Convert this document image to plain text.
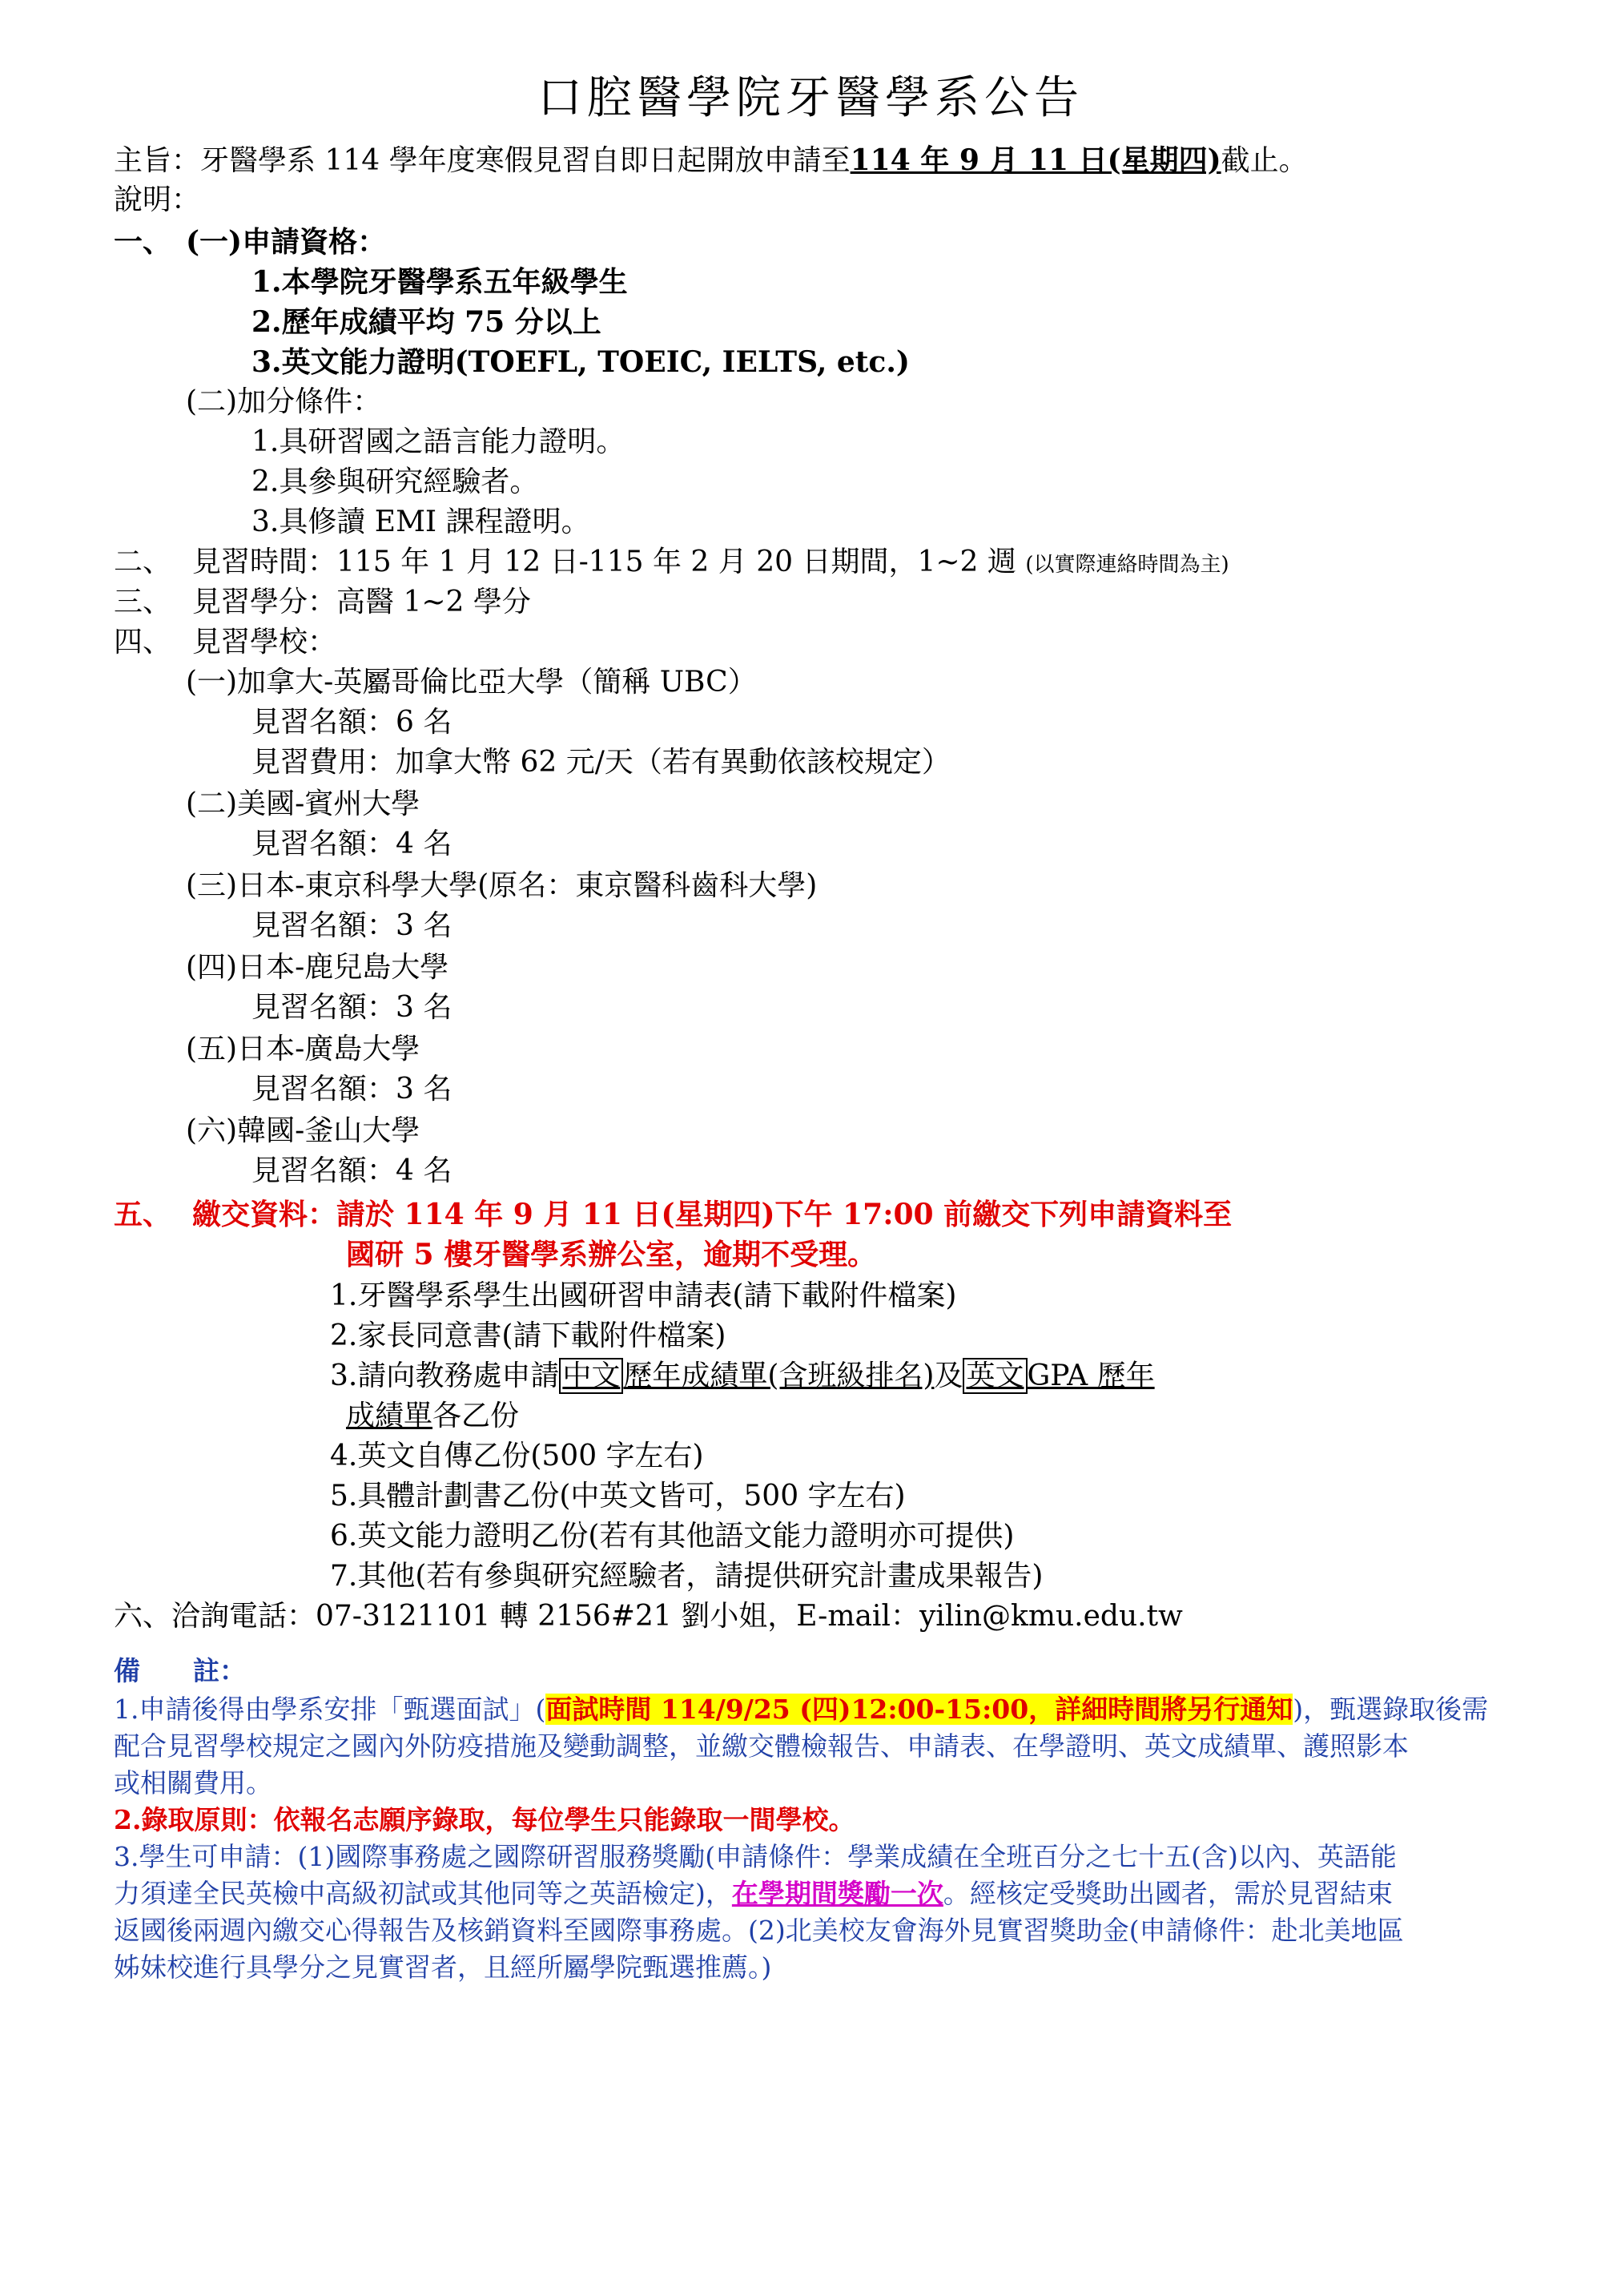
口腔醫學院牙醫學系公告
主旨：牙醫學系 114 學年度寒假見習自即日起開放申請至114 年 9 月 11 日(星期四)截止。
說明：
一、 (一)申請資格：
1.本學院牙醫學系五年級學生
2.歷年成績平均 75 分以上
3.英文能力證明(TOEFL, TOEIC, IELTS, etc.)
(二)加分條件：
1.具研習國之語言能力證明。
2.具參與研究經驗者。
3.具修讀 EMI 課程證明。
二、 見習時間：115 年 1 月 12 日-115 年 2 月 20 日期間，1~2 週 (以實際連絡時間為主)
三、 見習學分：高醫 1~2 學分
四、 見習學校：
(一)加拿大-英屬哥倫比亞大學（簡稱 UBC）
見習名額：6 名
見習費用：加拿大幣 62 元/天（若有異動依該校規定）
(二)美國-賓州大學
見習名額：4 名
(三)日本-東京科學大學(原名：東京醫科齒科大學)
見習名額：3 名
(四)日本-鹿兒島大學
見習名額：3 名
(五)日本-廣島大學
見習名額：3 名
(六)韓國-釜山大學
見習名額：4 名
五、 繳交資料：請於 114 年 9 月 11 日(星期四)下午 17:00 前繳交下列申請資料至
國研 5 樓牙醫學系辦公室，逾期不受理。
1.牙醫學系學生出國研習申請表(請下載附件檔案)
2.家長同意書(請下載附件檔案)
3.請向教務處申請 中文 歷年成績單(含班級排名)及 英文 GPA 歷年
成績單各乙份
4.英文自傳乙份(500 字左右)
5.具體計劃書乙份(中英文皆可，500 字左右)
6.英文能力證明乙份(若有其他語文能力證明亦可提供)
7.其他(若有參與研究經驗者，請提供研究計畫成果報告)
六、洽詢電話：07-3121101 轉 2156#21 劉小姐，E-mail：yilin@kmu.edu.tw
備　　註：
1.申請後得由學系安排「甄選面試」(面試時間 114/9/25 (四)12:00-15:00，詳細時間將另行通知)，甄選錄取後需
配合見習學校規定之國內外防疫措施及變動調整，並繳交體檢報告、申請表、在學證明、英文成績單、護照影本
或相關費用。
2.錄取原則：依報名志願序錄取，每位學生只能錄取一間學校。
3.學生可申請：(1)國際事務處之國際研習服務獎勵(申請條件：學業成績在全班百分之七十五(含)以內、英語能
力須達全民英檢中高級初試或其他同等之英語檢定)，在學期間獎勵一次。經核定受獎助出國者，需於見習結束
返國後兩週內繳交心得報告及核銷資料至國際事務處。(2)北美校友會海外見實習獎助金(申請條件：赴北美地區
姊妹校進行具學分之見實習者，且經所屬學院甄選推薦。)
